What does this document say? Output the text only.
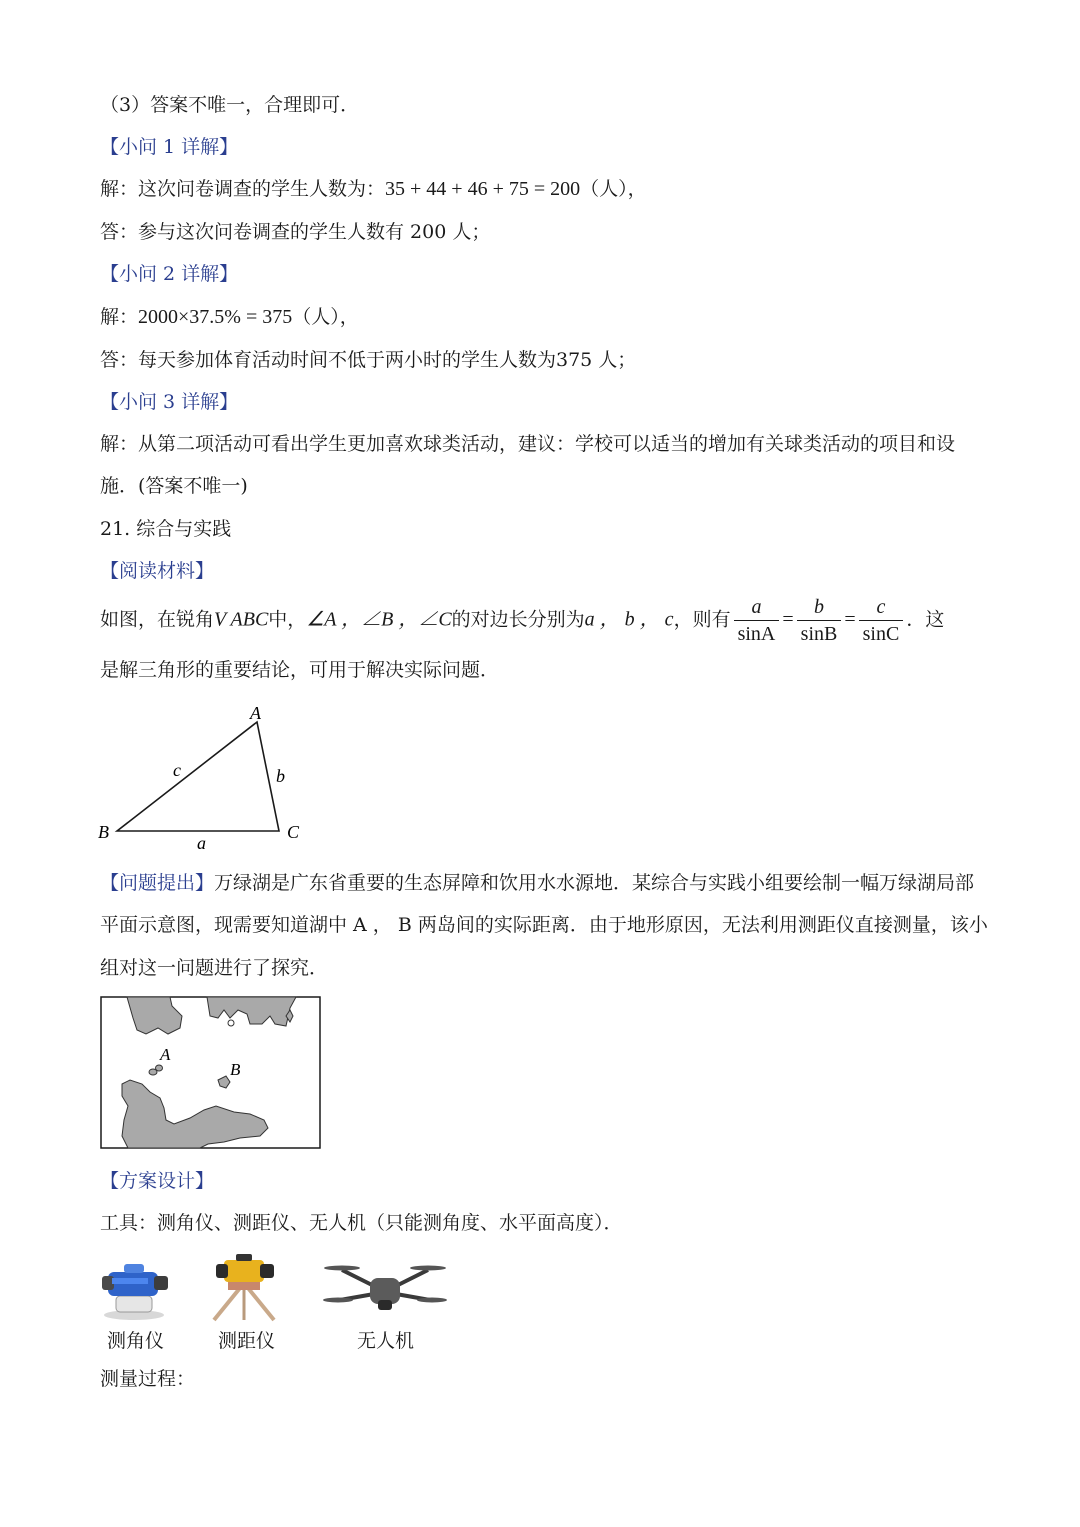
（3）答案不唯一，合理即可．
【小问 1 详解】
解：这次问卷调查的学生人数为：35 + 44 + 46 + 75 = 200（人），
答：参与这次问卷调查的学生人数有 200 人；
【小问 2 详解】
解：2000×37.5% = 375（人），
答：每天参加体育活动时间不低于两小时的学生人数为375 人；
【小问 3 详解】
解：从第二项活动可看出学生更加喜欢球类活动，建议：学校可以适当的增加有关球类活动的项目和设
施．(答案不唯一)
21. 综合与实践
【阅读材料】
如图，在锐角V ABC中，∠A ，∠B ，∠C的对边长分别为a ， b ， c，则有 $\frac{a}{\sin A} = \frac{b}{\sin B} = \frac{c}{\sin C}$ ．这
是解三角形的重要结论，可用于解决实际问题．
A
B	C
a
b
c
【问题提出】万绿湖是广东省重要的生态屏障和饮用水水源地．某综合与实践小组要绘制一幅万绿湖局部
平面示意图，现需要知道湖中 A ， B 两岛间的实际距离．由于地形原因，无法利用测距仪直接测量，该小
组对这一问题进行了探究．
A
B
【方案设计】
工具：测角仪、测距仪、无人机（只能测角度、水平面高度）．
测角仪	测距仪	无人机
测量过程：
